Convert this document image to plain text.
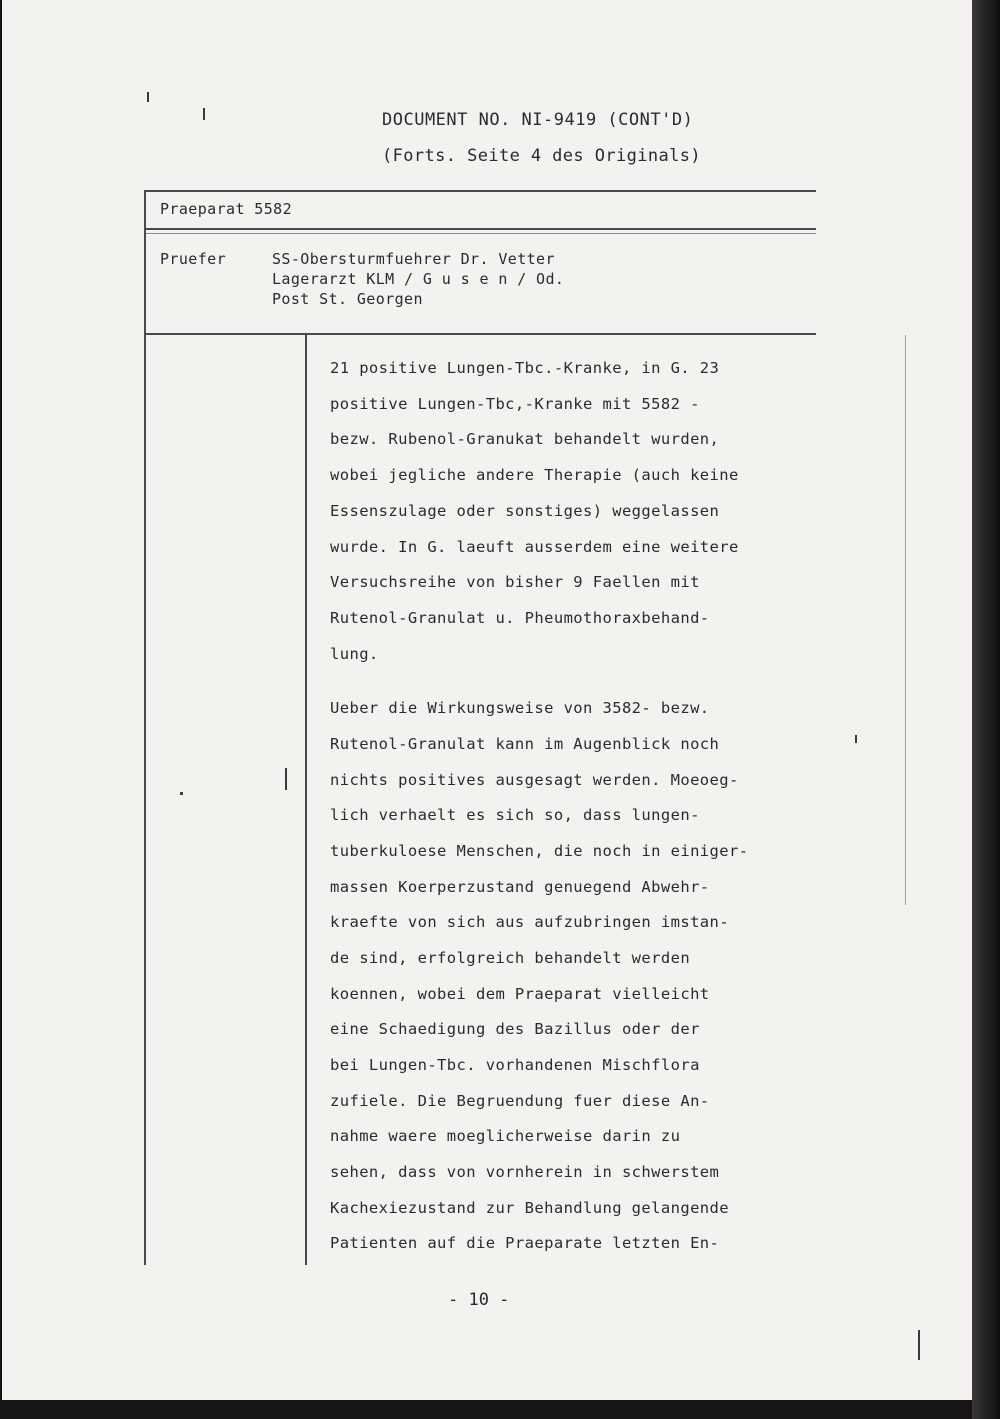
DOCUMENT NO. NI-9419 (CONT'D)
(Forts. Seite 4 des Originals)
Praeparat 5582
Pruefer	SS-Obersturmfuehrer Dr. Vetter
Lagerarzt KLM / G u s e n / Od.
Post St. Georgen
21 positive Lungen-Tbc.-Kranke, in G. 23
positive Lungen-Tbc,-Kranke mit 5582 -
bezw. Rubenol-Granukat behandelt wurden,
wobei jegliche andere Therapie (auch keine
Essenszulage oder sonstiges) weggelassen
wurde. In G. laeuft ausserdem eine weitere
Versuchsreihe von bisher 9 Faellen mit
Rutenol-Granulat u. Pheumothoraxbehand-
lung.
Ueber die Wirkungsweise von 3582- bezw.
Rutenol-Granulat kann im Augenblick noch
nichts positives ausgesagt werden. Moeoeg-
lich verhaelt es sich so, dass lungen-
tuberkuloese Menschen, die noch in einiger-
massen Koerperzustand genuegend Abwehr-
kraefte von sich aus aufzubringen imstan-
de sind, erfolgreich behandelt werden
koennen, wobei dem Praeparat vielleicht
eine Schaedigung des Bazillus oder der
bei Lungen-Tbc. vorhandenen Mischflora
zufiele. Die Begruendung fuer diese An-
nahme waere moeglicherweise darin zu
sehen, dass von vornherein in schwerstem
Kachexiezustand zur Behandlung gelangende
Patienten auf die Praeparate letzten En-
- 10 -
